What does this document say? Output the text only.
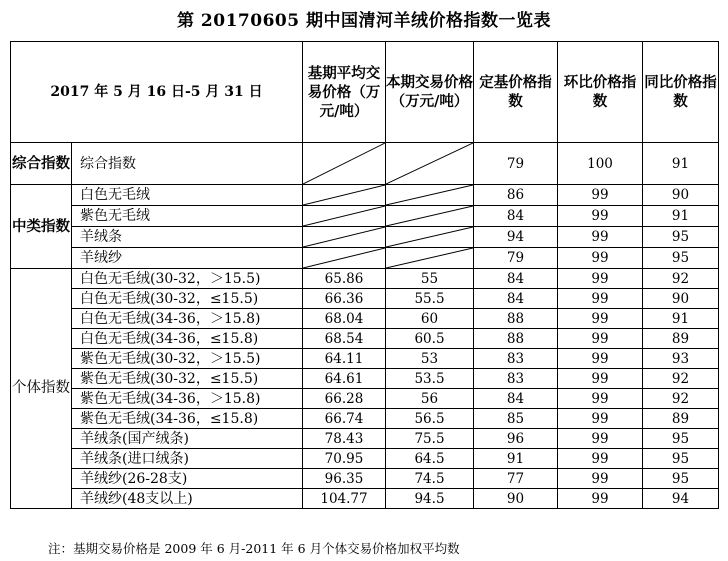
第 20170605 期中国清河羊绒价格指数一览表
2017 年 5 月 16 日-5 月 31 日		基期平均交易价格（万元/吨）	本期交易价格（万元/吨）	定基价格指数	环比价格指数	同比价格指数
综合指数	综合指数			79	100	91
中类指数	白色无毛绒			86	99	90
	紫色无毛绒			84	99	91
	羊绒条			94	99	95
	羊绒纱			79	99	95
个体指数	白色无毛绒(30-32，＞15.5)	65.86	55	84	99	92
	白色无毛绒(30-32，≤15.5)	66.36	55.5	84	99	90
	白色无毛绒(34-36，＞15.8)	68.04	60	88	99	91
	白色无毛绒(34-36，≤15.8)	68.54	60.5	88	99	89
	紫色无毛绒(30-32，＞15.5)	64.11	53	83	99	93
	紫色无毛绒(30-32，≤15.5)	64.61	53.5	83	99	92
	紫色无毛绒(34-36，＞15.8)	66.28	56	84	99	92
	紫色无毛绒(34-36，≤15.8)	66.74	56.5	85	99	89
	羊绒条(国产绒条)	78.43	75.5	96	99	95
	羊绒条(进口绒条)	70.95	64.5	91	99	95
	羊绒纱(26-28支)	96.35	74.5	77	99	95
	羊绒纱(48支以上)	104.77	94.5	90	99	94
注：基期交易价格是 2009 年 6 月-2011 年 6 月个体交易价格加权平均数
